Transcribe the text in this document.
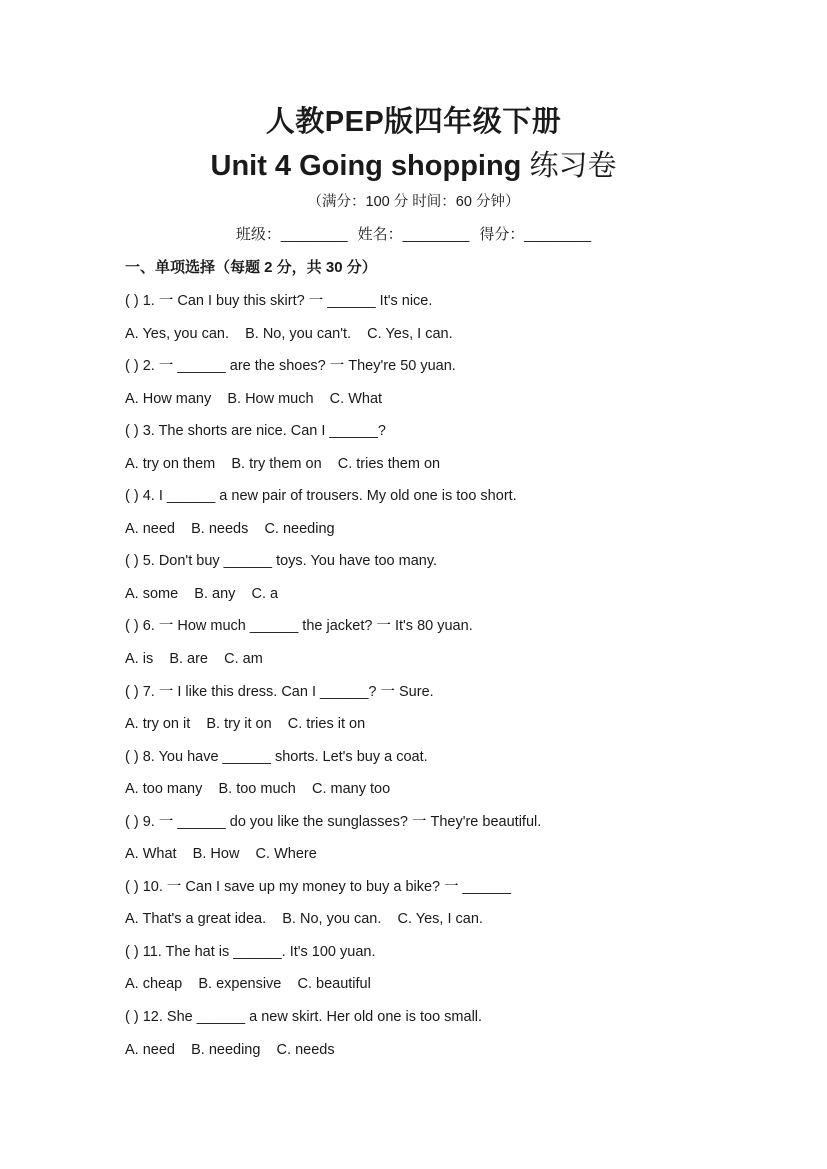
人教PEP版四年级下册
Unit 4 Going shopping 练习卷
（满分：100 分 时间：60 分钟）
班级：________ 姓名：________ 得分：________
一、单项选择（每题 2 分，共 30 分）
( ) 1. 一 Can I buy this skirt? 一 ______ It's nice.
A. Yes, you can.    B. No, you can't.    C. Yes, I can.
( ) 2. 一 ______ are the shoes? 一 They're 50 yuan.
A. How many    B. How much    C. What
( ) 3. The shorts are nice. Can I ______?
A. try on them    B. try them on    C. tries them on
( ) 4. I ______ a new pair of trousers. My old one is too short.
A. need    B. needs    C. needing
( ) 5. Don't buy ______ toys. You have too many.
A. some    B. any    C. a
( ) 6. 一 How much ______ the jacket? 一 It's 80 yuan.
A. is    B. are    C. am
( ) 7. 一 I like this dress. Can I ______? 一 Sure.
A. try on it    B. try it on    C. tries it on
( ) 8. You have ______ shorts. Let's buy a coat.
A. too many    B. too much    C. many too
( ) 9. 一 ______ do you like the sunglasses? 一 They're beautiful.
A. What    B. How    C. Where
( ) 10. 一 Can I save up my money to buy a bike? 一 ______
A. That's a great idea.    B. No, you can.    C. Yes, I can.
( ) 11. The hat is ______. It's 100 yuan.
A. cheap    B. expensive    C. beautiful
( ) 12. She ______ a new skirt. Her old one is too small.
A. need    B. needing    C. needs
